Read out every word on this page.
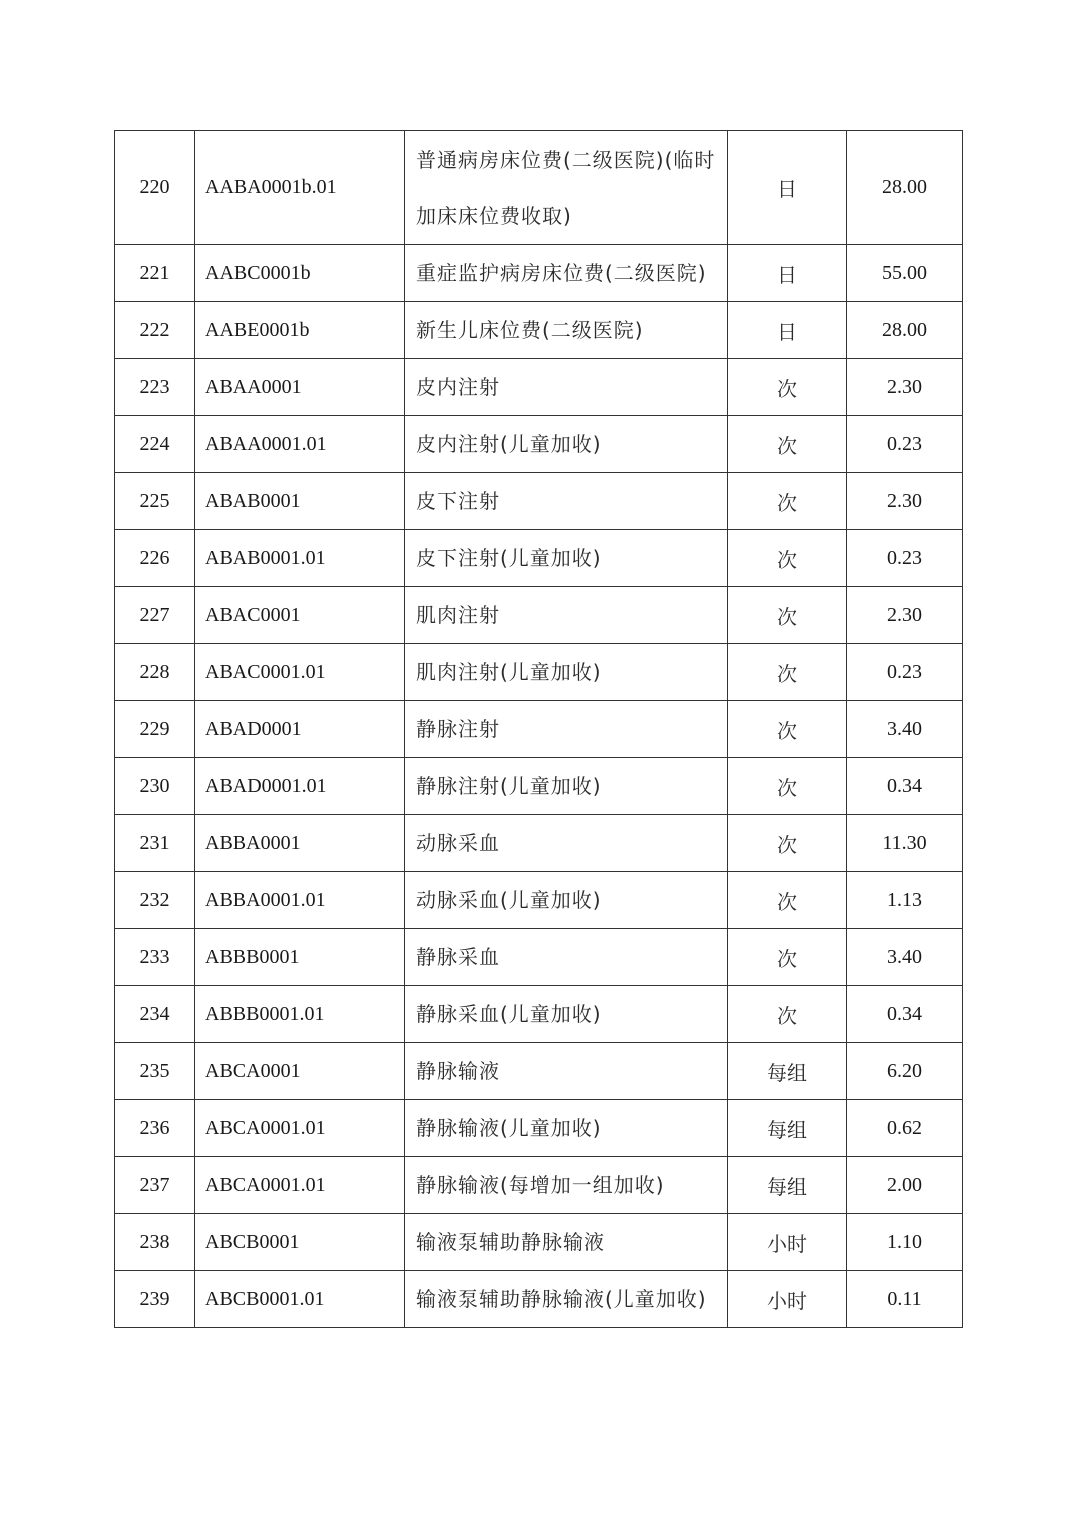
220	AABA0001b.01	普通病房床位费(二级医院)(临时加床床位费收取)	日	28.00
221	AABC0001b	重症监护病房床位费(二级医院)	日	55.00
222	AABE0001b	新生儿床位费(二级医院)	日	28.00
223	ABAA0001	皮内注射	次	2.30
224	ABAA0001.01	皮内注射(儿童加收)	次	0.23
225	ABAB0001	皮下注射	次	2.30
226	ABAB0001.01	皮下注射(儿童加收)	次	0.23
227	ABAC0001	肌肉注射	次	2.30
228	ABAC0001.01	肌肉注射(儿童加收)	次	0.23
229	ABAD0001	静脉注射	次	3.40
230	ABAD0001.01	静脉注射(儿童加收)	次	0.34
231	ABBA0001	动脉采血	次	11.30
232	ABBA0001.01	动脉采血(儿童加收)	次	1.13
233	ABBB0001	静脉采血	次	3.40
234	ABBB0001.01	静脉采血(儿童加收)	次	0.34
235	ABCA0001	静脉输液	每组	6.20
236	ABCA0001.01	静脉输液(儿童加收)	每组	0.62
237	ABCA0001.01	静脉输液(每增加一组加收)	每组	2.00
238	ABCB0001	输液泵辅助静脉输液	小时	1.10
239	ABCB0001.01	输液泵辅助静脉输液(儿童加收)	小时	0.11
